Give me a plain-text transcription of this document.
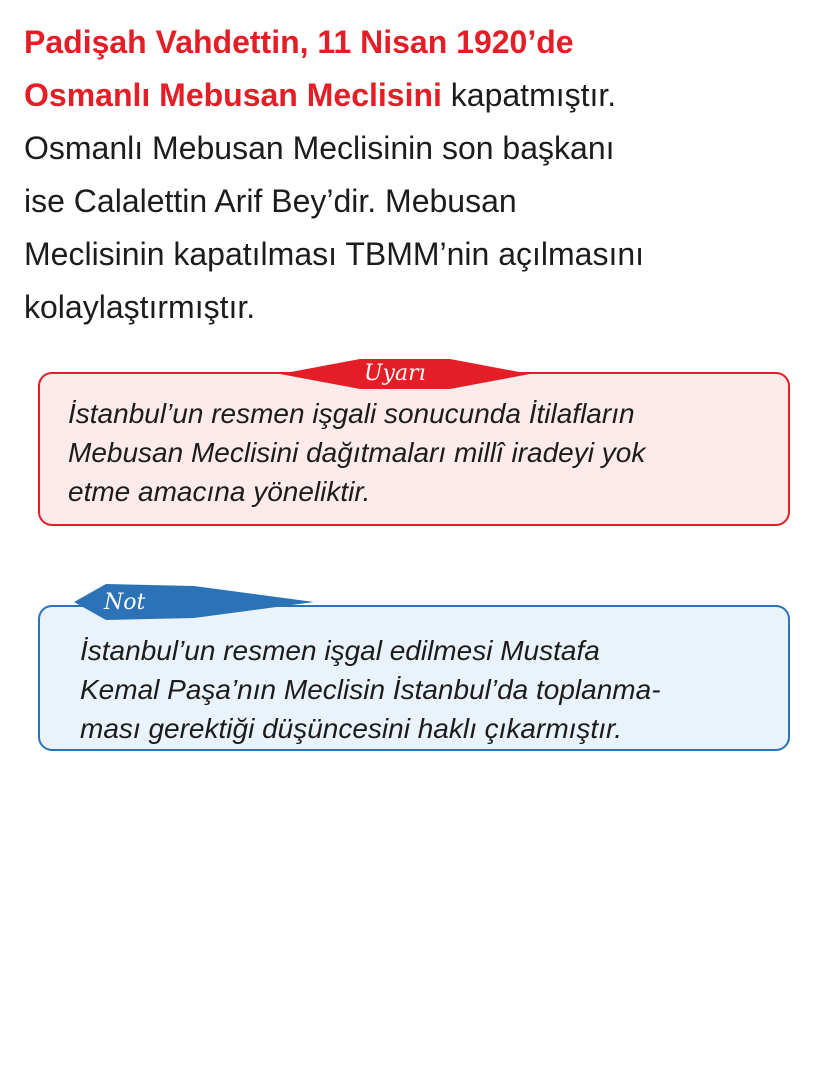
Padişah Vahdettin, 11 Nisan 1920’de
Osmanlı Mebusan Meclisini kapatmıştır.
Osmanlı Mebusan Meclisinin son başkanı
ise Calalettin Arif Bey’dir. Mebusan
Meclisinin kapatılması TBMM’nin açılmasını
kolaylaştırmıştır.
İstanbul’un resmen işgali sonucunda İtilafların
Mebusan Meclisini dağıtmaları millî iradeyi yok
etme amacına yöneliktir.
Uyarı
İstanbul’un resmen işgal edilmesi Mustafa
Kemal Paşa’nın Meclisin İstanbul’da toplanma-
ması gerektiği düşüncesini haklı çıkarmıştır.
Not
